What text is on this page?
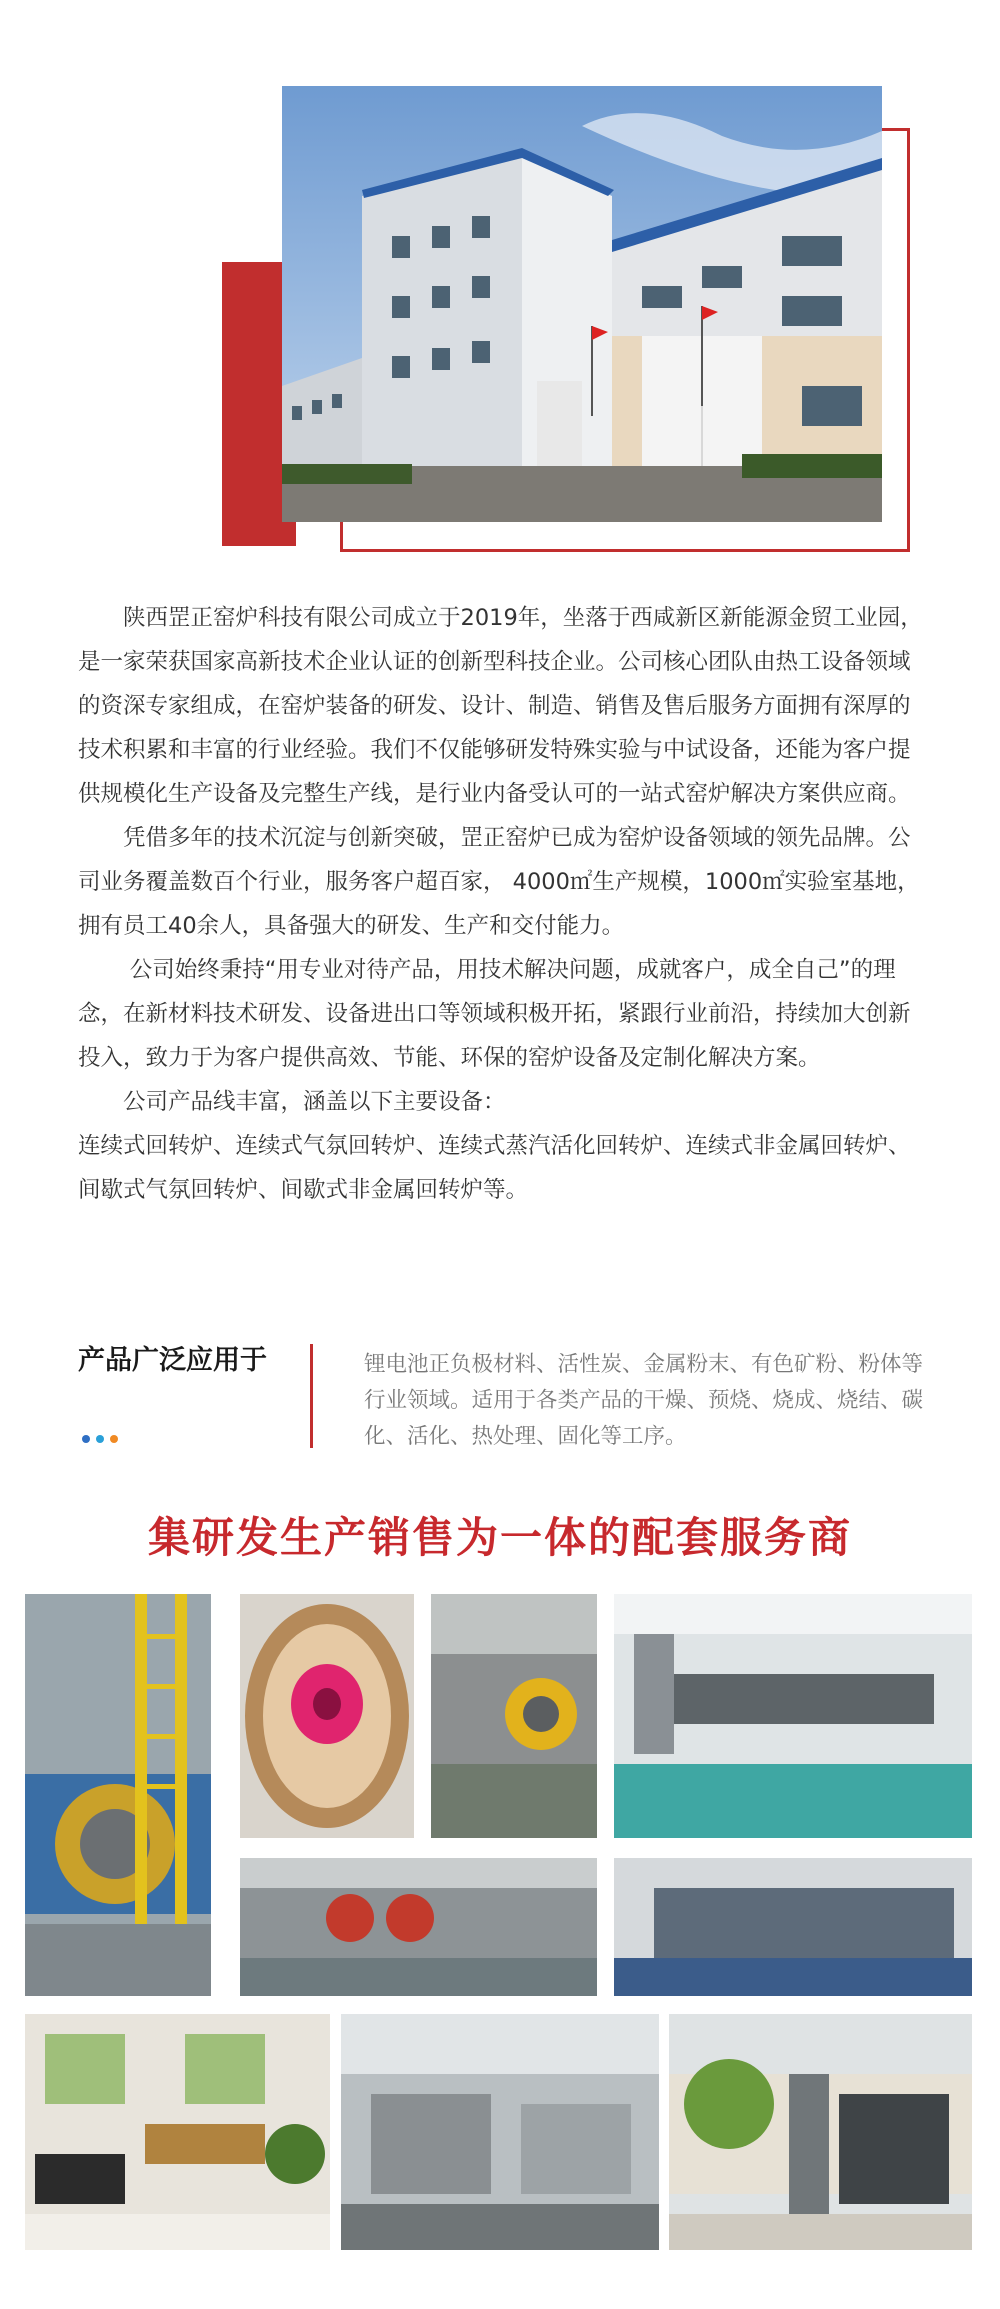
陕西罡正窑炉科技有限公司成立于2019年，坐落于西咸新区新能源金贸工业园，是一家荣获国家高新技术企业认证的创新型科技企业。公司核心团队由热工设备领域的资深专家组成，在窑炉装备的研发、设计、制造、销售及售后服务方面拥有深厚的技术积累和丰富的行业经验。我们不仅能够研发特殊实验与中试设备，还能为客户提供规模化生产设备及完整生产线，是行业内备受认可的一站式窑炉解决方案供应商。

凭借多年的技术沉淀与创新突破，罡正窑炉已成为窑炉设备领域的领先品牌。公司业务覆盖数百个行业，服务客户超百家， 4000㎡生产规模，1000㎡实验室基地，拥有员工40余人，具备强大的研发、生产和交付能力。

公司始终秉持“用专业对待产品，用技术解决问题，成就客户，成全自己”的理念，在新材料技术研发、设备进出口等领域积极开拓，紧跟行业前沿，持续加大创新投入，致力于为客户提供高效、节能、环保的窑炉设备及定制化解决方案。

公司产品线丰富，涵盖以下主要设备：

连续式回转炉、连续式气氛回转炉、连续式蒸汽活化回转炉、连续式非金属回转炉、间歇式气氛回转炉、间歇式非金属回转炉等。

产品广泛应用于	锂电池正负极材料、活性炭、金属粉末、有色矿粉、粉体等行业领域。适用于各类产品的干燥、预烧、烧成、烧结、碳化、活化、热处理、固化等工序。
集研发生产销售为一体的配套服务商
